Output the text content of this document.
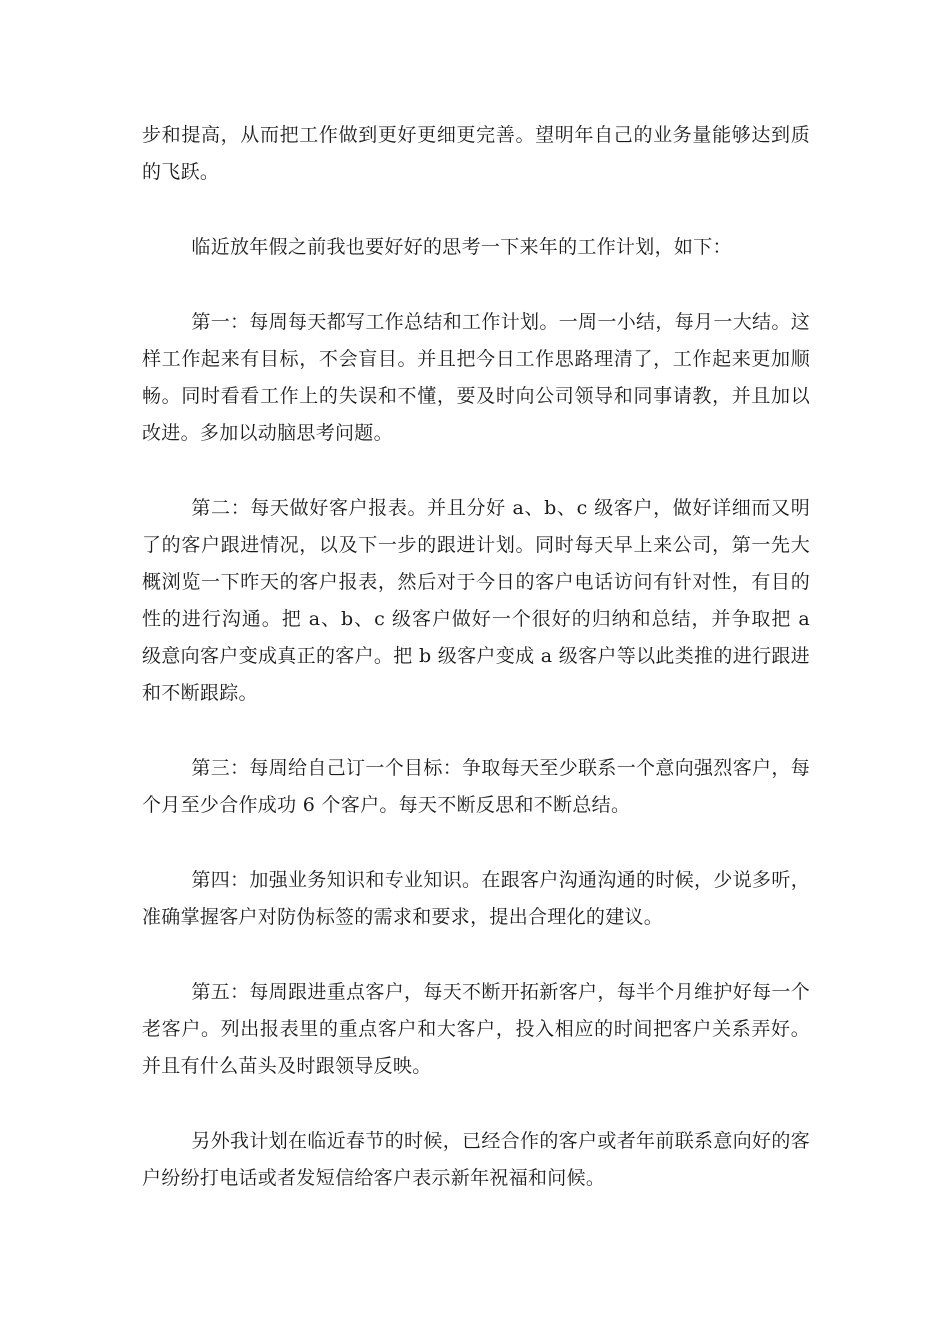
步和提高，从而把工作做到更好更细更完善。望明年自己的业务量能够达到质的飞跃。

临近放年假之前我也要好好的思考一下来年的工作计划，如下：

第一：每周每天都写工作总结和工作计划。一周一小结，每月一大结。这样工作起来有目标，不会盲目。并且把今日工作思路理清了，工作起来更加顺畅。同时看看工作上的失误和不懂，要及时向公司领导和同事请教，并且加以改进。多加以动脑思考问题。

第二：每天做好客户报表。并且分好 a、b、c 级客户，做好详细而又明了的客户跟进情况，以及下一步的跟进计划。同时每天早上来公司，第一先大概浏览一下昨天的客户报表，然后对于今日的客户电话访问有针对性，有目的性的进行沟通。把 a、b、c 级客户做好一个很好的归纳和总结，并争取把 a 级意向客户变成真正的客户。把 b 级客户变成 a 级客户等以此类推的进行跟进和不断跟踪。

第三：每周给自己订一个目标：争取每天至少联系一个意向强烈客户，每个月至少合作成功 6 个客户。每天不断反思和不断总结。

第四：加强业务知识和专业知识。在跟客户沟通沟通的时候，少说多听，准确掌握客户对防伪标签的需求和要求，提出合理化的建议。

第五：每周跟进重点客户，每天不断开拓新客户，每半个月维护好每一个老客户。列出报表里的重点客户和大客户，投入相应的时间把客户关系弄好。并且有什么苗头及时跟领导反映。

另外我计划在临近春节的时候，已经合作的客户或者年前联系意向好的客户纷纷打电话或者发短信给客户表示新年祝福和问候。
